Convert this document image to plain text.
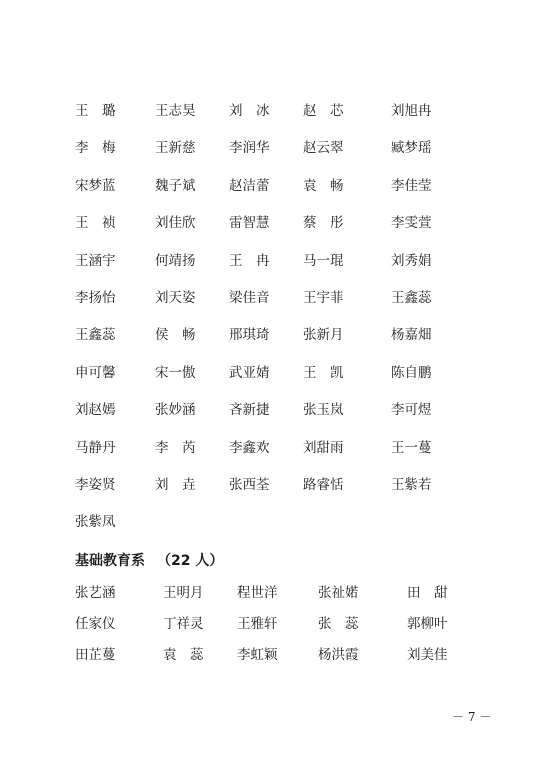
王　璐	王志昊 刘　冰 赵　芯	刘旭冉
李　梅	王新慈 李润华 赵云翠	臧梦瑶
宋梦蓝	魏子斌 赵洁蕾 袁　畅	李佳莹
王　祯	刘佳欣 雷智慧 蔡　彤	李雯萱
王涵宇	何靖扬 王　冉 马一琨	刘秀娟
李扬怡	刘天姿 梁佳音 王宇菲	王鑫蕊
王鑫蕊	侯　畅 邢琪琦 张新月	杨嘉畑
申可馨	宋一傲 武亚婧 王　凯	陈自鹏
刘赵嫣	张妙涵 吝新捷 张玉岚	李可煜
马静丹	李　芮 李鑫欢 刘甜雨	王一蔓
李姿贤	刘　垚 张西荃 路睿恬	王紫若
张紫凤
基础教育系 （22 人）
张艺涵	王明月 程世洋	张祉婼	田　甜
任家仪	丁祥灵 王雅轩	张　蕊	郭柳叶
田芷蔓	袁　蕊 李虹颖	杨洪霞	刘美佳
－ 7 －
